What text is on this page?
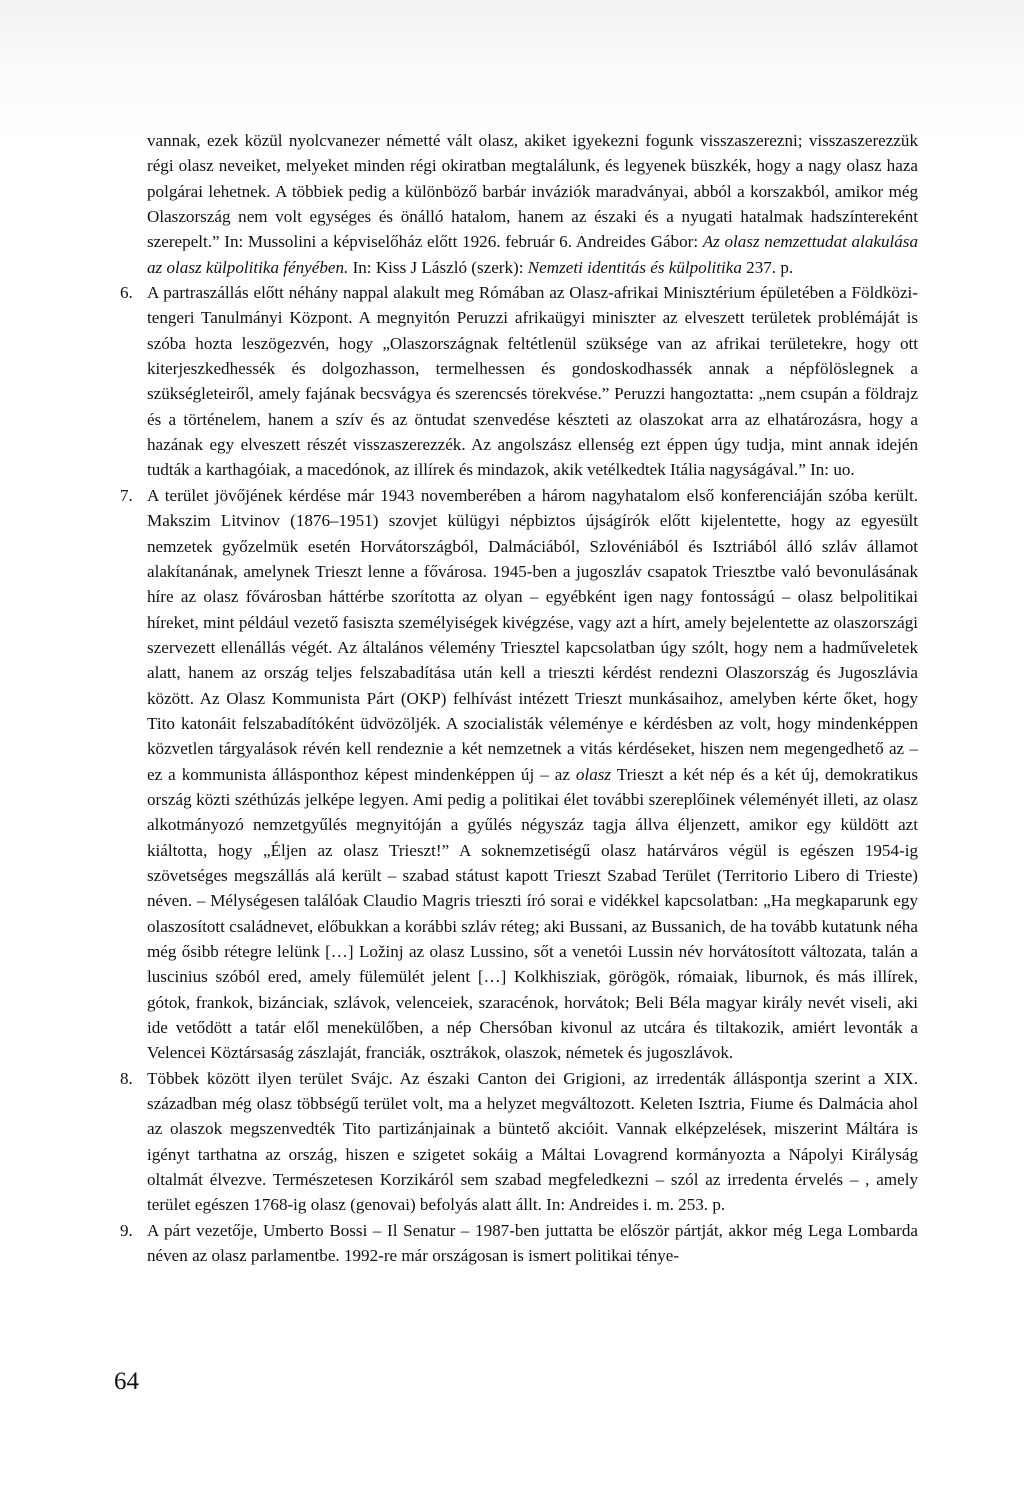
vannak, ezek közül nyolcvanezer németté vált olasz, akiket igyekezni fogunk visszaszerezni; visszaszerezzük régi olasz neveiket, melyeket minden régi okiratban megtalálunk, és legyenek büszkék, hogy a nagy olasz haza polgárai lehetnek. A többiek pedig a különböző barbár inváziók maradványai, abból a korszakból, amikor még Olaszország nem volt egységes és önálló hatalom, hanem az északi és a nyugati hatalmak hadszíntereként szerepelt.” In: Mussolini a képviselőház előtt 1926. február 6. Andreides Gábor: Az olasz nemzettudat alakulása az olasz külpolitika fényében. In: Kiss J László (szerk): Nemzeti identitás és külpolitika 237. p.

6. A partraszállás előtt néhány nappal alakult meg Rómában az Olasz-afrikai Minisztérium épületében a Földközi-tengeri Tanulmányi Központ. A megnyitón Peruzzi afrikaügyi miniszter az elveszett területek problémáját is szóba hozta leszögezvén, hogy „Olaszországnak feltétlenül szüksége van az afrikai területekre, hogy ott kiterjeszkedhessék és dolgozhasson, termelhessen és gondoskodhassék annak a népfölöslegnek a szükségleteiről, amely fajának becsvágya és szerencsés törekvése.” Peruzzi hangoztatta: „nem csupán a földrajz és a történelem, hanem a szív és az öntudat szenvedése készteti az olaszokat arra az elhatározásra, hogy a hazának egy elveszett részét visszaszerezzék. Az angolszász ellenség ezt éppen úgy tudja, mint annak idején tudták a karthagóiak, a macedónok, az illírek és mindazok, akik vetélkedtek Itália nagyságával.” In: uo.

7. A terület jövőjének kérdése már 1943 novemberében a három nagyhatalom első konferenciáján szóba került. Makszim Litvinov (1876–1951) szovjet külügyi népbiztos újságírók előtt kijelentette, hogy az egyesült nemzetek győzelmük esetén Horvátországból, Dalmáciából, Szlovéniából és Isztriából álló szláv államot alakítanának, amelynek Trieszt lenne a fővárosa. 1945-ben a jugoszláv csapatok Triesztbe való bevonulásának híre az olasz fővárosban háttérbe szorította az olyan – egyébként igen nagy fontosságú – olasz belpolitikai híreket, mint például vezető fasiszta személyiségek kivégzése, vagy azt a hírt, amely bejelentette az olaszországi szervezett ellenállás végét. Az általános vélemény Triesztel kapcsolatban úgy szólt, hogy nem a hadműveletek alatt, hanem az ország teljes felszabadítása után kell a trieszti kérdést rendezni Olaszország és Jugoszlávia között. Az Olasz Kommunista Párt (OKP) felhívást intézett Trieszt munkásaihoz, amelyben kérte őket, hogy Tito katonáit felszabadítóként üdvözöljék. A szocialisták véleménye e kérdésben az volt, hogy mindenképpen közvetlen tárgyalások révén kell rendeznie a két nemzetnek a vitás kérdéseket, hiszen nem megengedhető az – ez a kommunista állásponthoz képest mindenképpen új – az olasz Trieszt a két nép és a két új, demokratikus ország közti széthúzás jelképe legyen. Ami pedig a politikai élet további szereplőinek véleményét illeti, az olasz alkotmányozó nemzetgyűlés megnyitóján a gyűlés négyszáz tagja állva éljenzett, amikor egy küldött azt kiáltotta, hogy „Éljen az olasz Trieszt!” A soknemzetiségű olasz határváros végül is egészen 1954-ig szövetséges megszállás alá került – szabad státust kapott Trieszt Szabad Terület (Territorio Libero di Trieste) néven. – Mélységesen találóak Claudio Magris trieszti író sorai e vidékkel kapcsolatban: „Ha megkaparunk egy olaszosított családnevet, előbukkan a korábbi szláv réteg; aki Bussani, az Bussanich, de ha tovább kutatunk néha még ősibb rétegre lelünk […] Ložinj az olasz Lussino, sőt a venetói Lussin név horvátosított változata, talán a luscinius szóból ered, amely fülemülét jelent […] Kolkhisziak, görögök, rómaiak, liburnok, és más illírek, gótok, frankok, bizánciak, szlávok, velenceiek, szaracénok, horvátok; Beli Béla magyar király nevét viseli, aki ide vetődött a tatár elől menekülőben, a nép Chersóban kivonul az utcára és tiltakozik, amiért levonták a Velencei Köztársaság zászlaját, franciák, osztrákok, olaszok, németek és jugoszlávok.

8. Többek között ilyen terület Svájc. Az északi Canton dei Grigioni, az irredenták álláspontja szerint a XIX. században még olasz többségű terület volt, ma a helyzet megváltozott. Keleten Isztria, Fiume és Dalmácia ahol az olaszok megszenvedték Tito partizánjainak a büntető akcióit. Vannak elképzelések, miszerint Máltára is igényt tarthatna az ország, hiszen e szigetet sokáig a Máltai Lovagrend kormányozta a Nápolyi Királyság oltalmát élvezve. Természetesen Korzikáról sem szabad megfeledkezni – szól az irredenta érvelés – , amely terület egészen 1768-ig olasz (genovai) befolyás alatt állt. In: Andreides i. m. 253. p.

9. A párt vezetője, Umberto Bossi – Il Senatur – 1987-ben juttatta be először pártját, akkor még Lega Lombarda néven az olasz parlamentbe. 1992-re már országosan is ismert politikai ténye-

64
